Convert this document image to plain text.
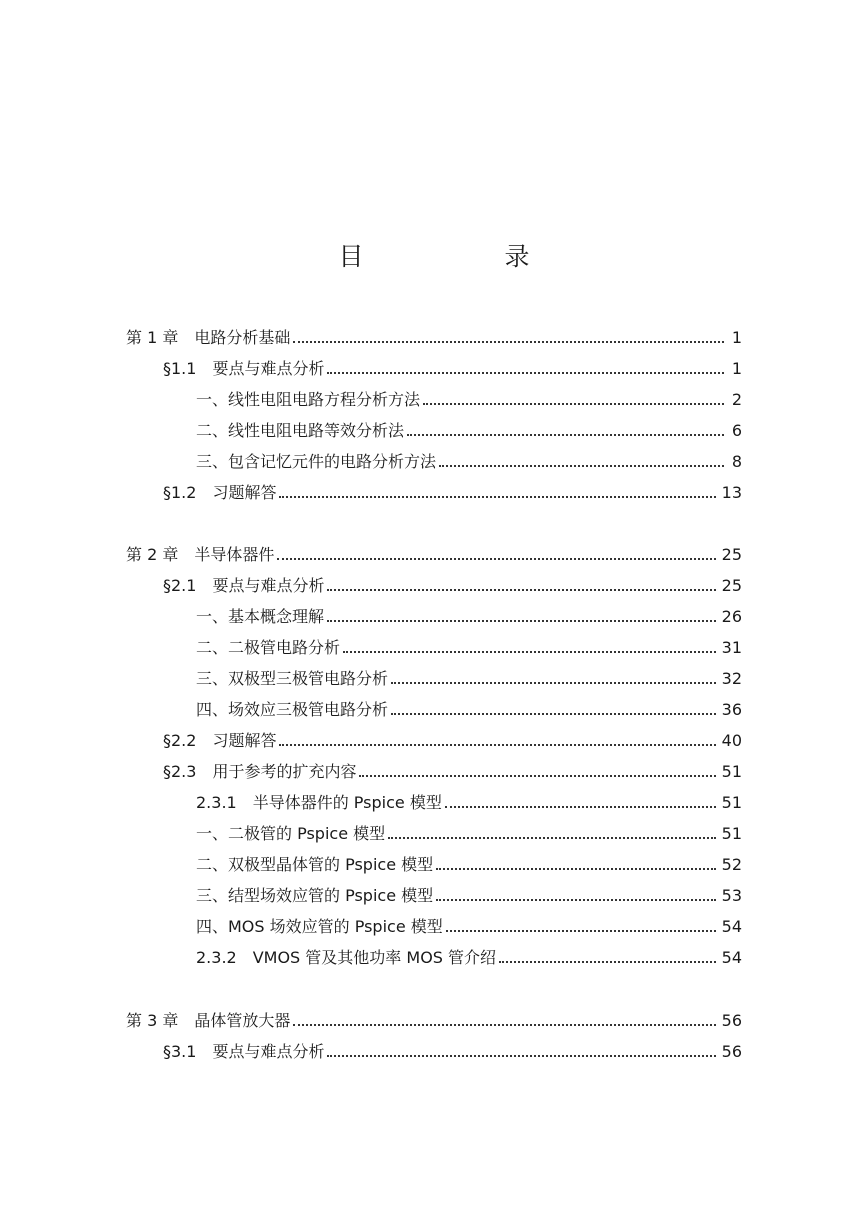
目　录
第 1 章　电路分析基础	1
§1.1　要点与难点分析	1
一、线性电阻电路方程分析方法	2
二、线性电阻电路等效分析法	6
三、包含记忆元件的电路分析方法	8
§1.2　习题解答	13
第 2 章　半导体器件	25
§2.1　要点与难点分析	25
一、基本概念理解	26
二、二极管电路分析	31
三、双极型三极管电路分析	32
四、场效应三极管电路分析	36
§2.2　习题解答	40
§2.3　用于参考的扩充内容	51
2.3.1　半导体器件的 Pspice 模型	51
一、二极管的 Pspice 模型	51
二、双极型晶体管的 Pspice 模型	52
三、结型场效应管的 Pspice 模型	53
四、MOS 场效应管的 Pspice 模型	54
2.3.2　VMOS 管及其他功率 MOS 管介绍	54
第 3 章　晶体管放大器	56
§3.1　要点与难点分析	56
